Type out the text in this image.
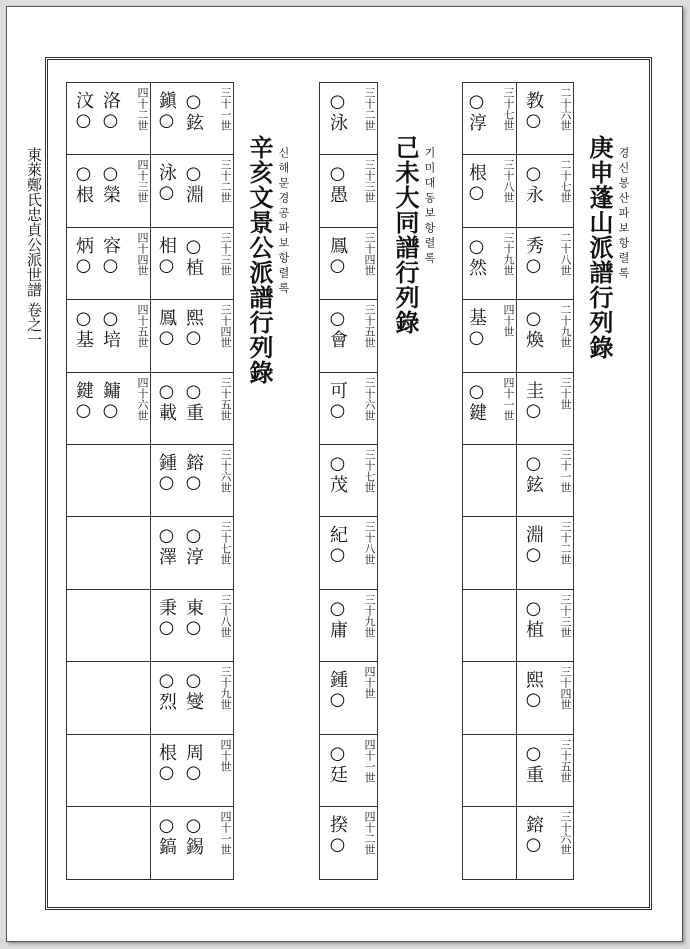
東萊鄭氏忠貞公派世譜 卷之一
二十六世
教○
二十七世
○永
二十八世
秀○
二十九世
○煥
三十世
圭○
三十一世
○鉉
三十二世
淵○
三十三世
○植
三十四世
熙○
三十五世
○重
三十六世
鎔○
三十七世
○淳
三十八世
根○
三十九世
○然
四十世
基○
四十一世
○鍵
庚申蓬山派譜行列錄 경신봉산파보항렬록
三十二世
○泳
三十三世
○愚
三十四世
鳳○
三十五世
○會
三十六世
可○
三十七世
○茂
三十八世
紀○
三十九世
○庸
四十世
鍾○
四十一世
○廷
四十二世
揆○
己未大同譜行列錄 기미대동보항렬록
三十一世
○鉉
鎭○
三十二世
○淵
泳○
三十三世
○植
相○
三十四世
熙○
鳳○
三十五世
○重
○載
三十六世
鎔○
鍾○
三十七世
○淳
○澤
三十八世
東○
秉○
三十九世
○燮
○烈
四十世
周○
根○
四十一世
○錫
○鎬
四十二世
洛○
汶○
四十三世
○榮
○根
四十四世
容○
炳○
四十五世
○培
○基
四十六世
鏞○
鍵○
辛亥文景公派譜行列錄 신해문경공파보항렬록
